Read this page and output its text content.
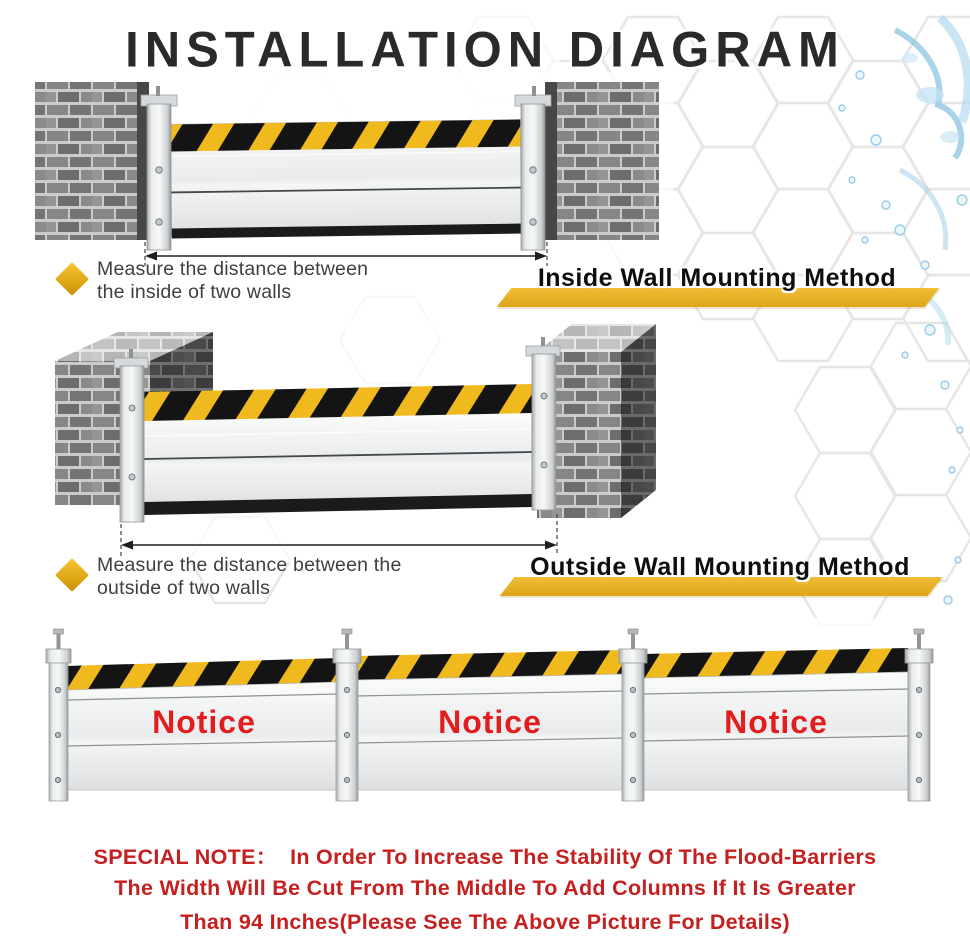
INSTALLATION DIAGRAM
Measure the distance between
the inside of two walls	Inside Wall Mounting Method
Measure the distance between the
outside of two walls
Outside Wall Mounting Method
Notice	Notice	Notice
SPECIAL NOTE：  In Order To Increase The Stability Of The Flood-Barriers
The Width Will Be Cut From The Middle To Add Columns If It Is Greater
Than 94 Inches(Please See The Above Picture For Details)
